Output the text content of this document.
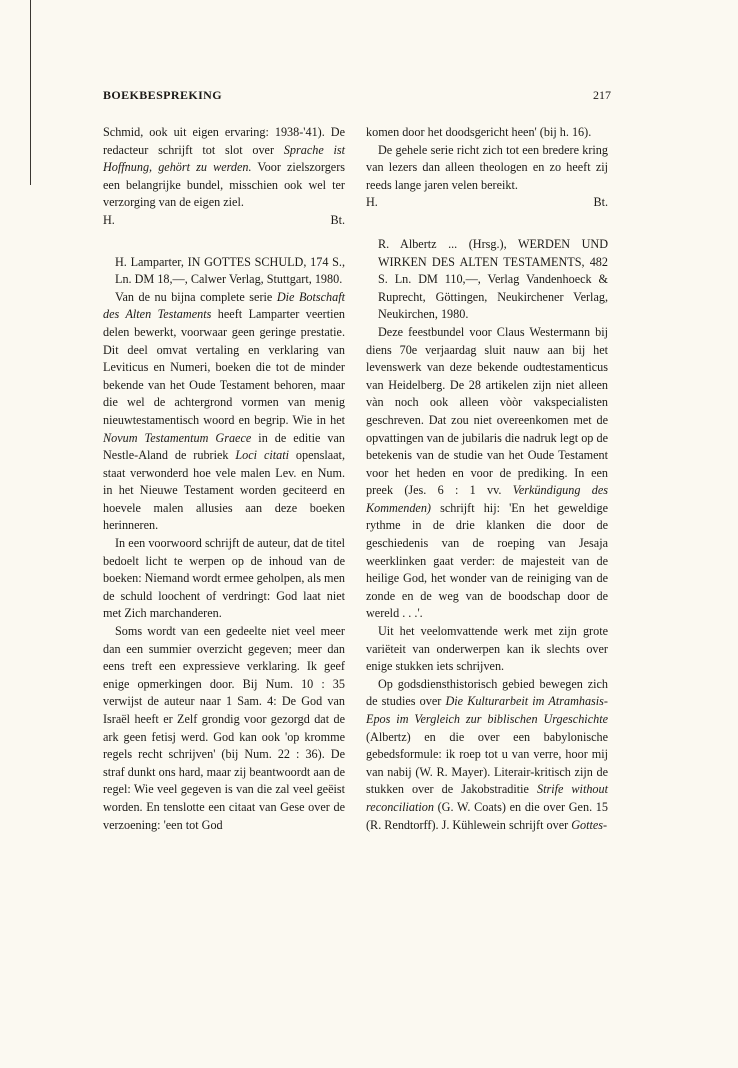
BOEKBESPREKING	217

Schmid, ook uit eigen ervaring: 1938-'41). De redacteur schrijft tot slot over Sprache ist Hoffnung, gehört zu werden. Voor zielszorgers een belangrijke bundel, misschien ook wel ter verzorging van de eigen ziel.

H.	Bt.

H. Lamparter, IN GOTTES SCHULD, 174 S., Ln. DM 18,—, Calwer Verlag, Stuttgart, 1980.

Van de nu bijna complete serie Die Botschaft des Alten Testaments heeft Lamparter veertien delen bewerkt, voorwaar geen geringe prestatie. Dit deel omvat vertaling en verklaring van Leviticus en Numeri, boeken die tot de minder bekende van het Oude Testament behoren, maar die wel de achtergrond vormen van menig nieuwtestamentisch woord en begrip. Wie in het Novum Testamentum Graece in de editie van Nestle-Aland de rubriek Loci citati openslaat, staat verwonderd hoe vele malen Lev. en Num. in het Nieuwe Testament worden geciteerd en hoevele malen allusies aan deze boeken herinneren.

In een voorwoord schrijft de auteur, dat de titel bedoelt licht te werpen op de inhoud van de boeken: Niemand wordt ermee geholpen, als men de schuld loochent of verdringt: God laat niet met Zich marchanderen.

Soms wordt van een gedeelte niet veel meer dan een summier overzicht gegeven; meer dan eens treft een expressieve verklaring. Ik geef enige opmerkingen door. Bij Num. 10 : 35 verwijst de auteur naar 1 Sam. 4: De God van Israël heeft er Zelf grondig voor gezorgd dat de ark geen fetisj werd. God kan ook 'op kromme regels recht schrijven' (bij Num. 22 : 36). De straf dunkt ons hard, maar zij beantwoordt aan de regel: Wie veel gegeven is van die zal veel geëist worden. En tenslotte een citaat van Gese over de verzoening: 'een tot God

komen door het doodsgericht heen' (bij h. 16).

De gehele serie richt zich tot een bredere kring van lezers dan alleen theologen en zo heeft zij reeds lange jaren velen bereikt.

H.	Bt.

R. Albertz ... (Hrsg.), WERDEN UND WIRKEN DES ALTEN TESTAMENTS, 482 S. Ln. DM 110,—, Verlag Vandenhoeck & Ruprecht, Göttingen, Neukirchener Verlag, Neukirchen, 1980.

Deze feestbundel voor Claus Westermann bij diens 70e verjaardag sluit nauw aan bij het levenswerk van deze bekende oudtestamenticus van Heidelberg. De 28 artikelen zijn niet alleen vàn noch ook alleen vòòr vakspecialisten geschreven. Dat zou niet overeenkomen met de opvattingen van de jubilaris die nadruk legt op de betekenis van de studie van het Oude Testament voor het heden en voor de prediking. In een preek (Jes. 6 : 1 vv. Verkündigung des Kommenden) schrijft hij: 'En het geweldige rythme in de drie klanken die door de geschiedenis van de roeping van Jesaja weerklinken gaat verder: de majesteit van de heilige God, het wonder van de reiniging van de zonde en de weg van de boodschap door de wereld . . .'.

Uit het veelomvattende werk met zijn grote variëteit van onderwerpen kan ik slechts over enige stukken iets schrijven.

Op godsdiensthistorisch gebied bewegen zich de studies over Die Kulturarbeit im Atramhasis-Epos im Vergleich zur biblischen Urgeschichte (Albertz) en die over een babylonische gebedsformule: ik roep tot u van verre, hoor mij van nabij (W. R. Mayer). Literair-kritisch zijn de stukken over de Jakobstraditie Strife without reconciliation (G. W. Coats) en die over Gen. 15 (R. Rendtorff). J. Kühlewein schrijft over Gottes-
